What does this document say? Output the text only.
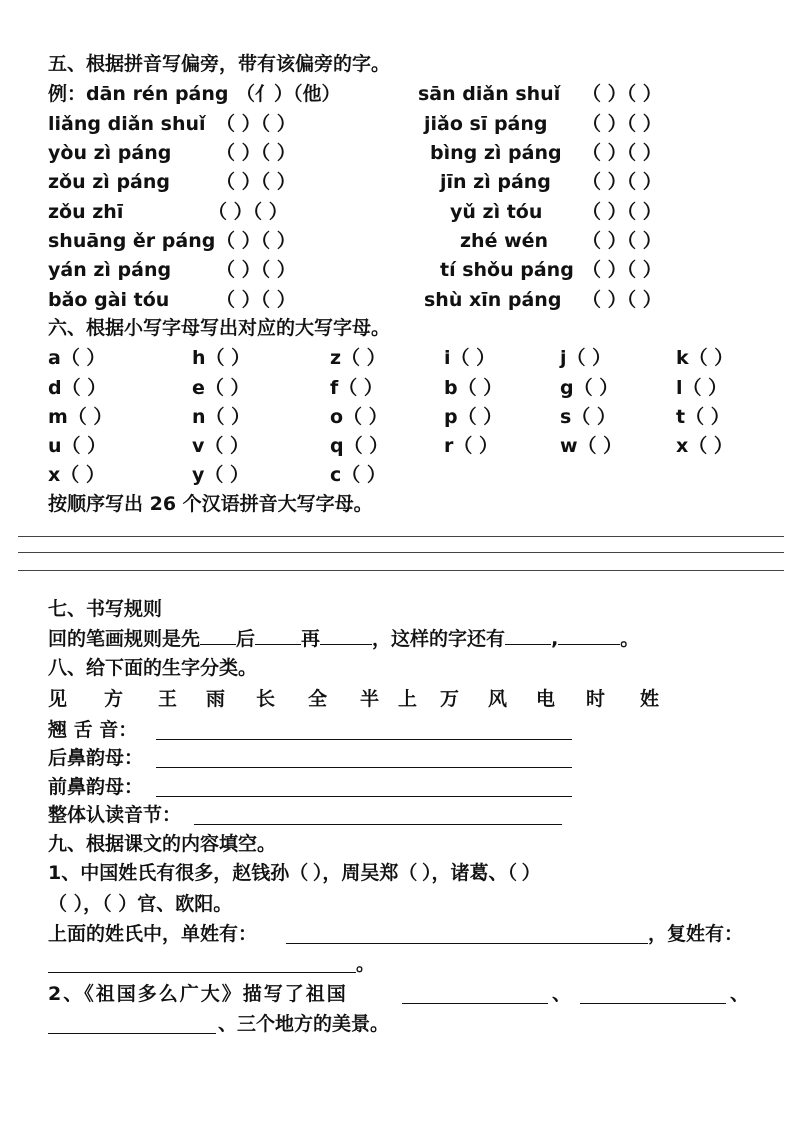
五、根据拼音写偏旁，带有该偏旁的字。
例：dān rén páng （亻）（他）	sān diǎn shuǐ （ ）（ ）
liǎng diǎn shuǐ （ ）（ ）	jiǎo sī páng （ ）（ ）
yòu zì páng （ ）（ ）	bìng zì páng （ ）（ ）
zǒu zì páng （ ）（ ）	jīn zì páng （ ）（ ）
zǒu zhī	（ ）（ ）	yǔ zì tóu （ ）（ ）
shuāng ěr páng （ ）（ ）	zhé wén （ ）（ ）
yán zì páng （ ）（ ）	tí shǒu páng （ ）（ ）
bǎo gài tóu （ ）（ ）	shù xīn páng （ ）（ ）
六、根据小写字母写出对应的大写字母。
a（ ）	h（ ）	z（ ）	i（ ）	j（ ）	k（ ）
d（ ）	e（ ）	f（ ）	b（ ）	g（ ）	l（ ）
m（ ）	n（ ）	o（ ）	p（ ）	s（ ）	t（ ）
u（ ）	v（ ）	q（ ）	r（ ）	w（ ）	x（ ）
x（ ）	y（ ）	c（ ）
按顺序写出 26 个汉语拼音大写字母。
七、书写规则
回的笔画规则是先 后 再	，这样的字还有 ,	。
八、给下面的生字分类。
见 方 王 雨 长 全 半 上 万 风 电 时 姓
翘 舌 音：
后鼻韵母：
前鼻韵母：
整体认读音节：
九、根据课文的内容填空。
1、中国姓氏有很多，赵钱孙（ ），周吴郑（ ），诸葛、（ ）
（ ），（ ）官、欧阳。
上面的姓氏中，单姓有：	，复姓有：
。
2、《祖国多么广大》描写了祖国	、	、
、三个地方的美景。
